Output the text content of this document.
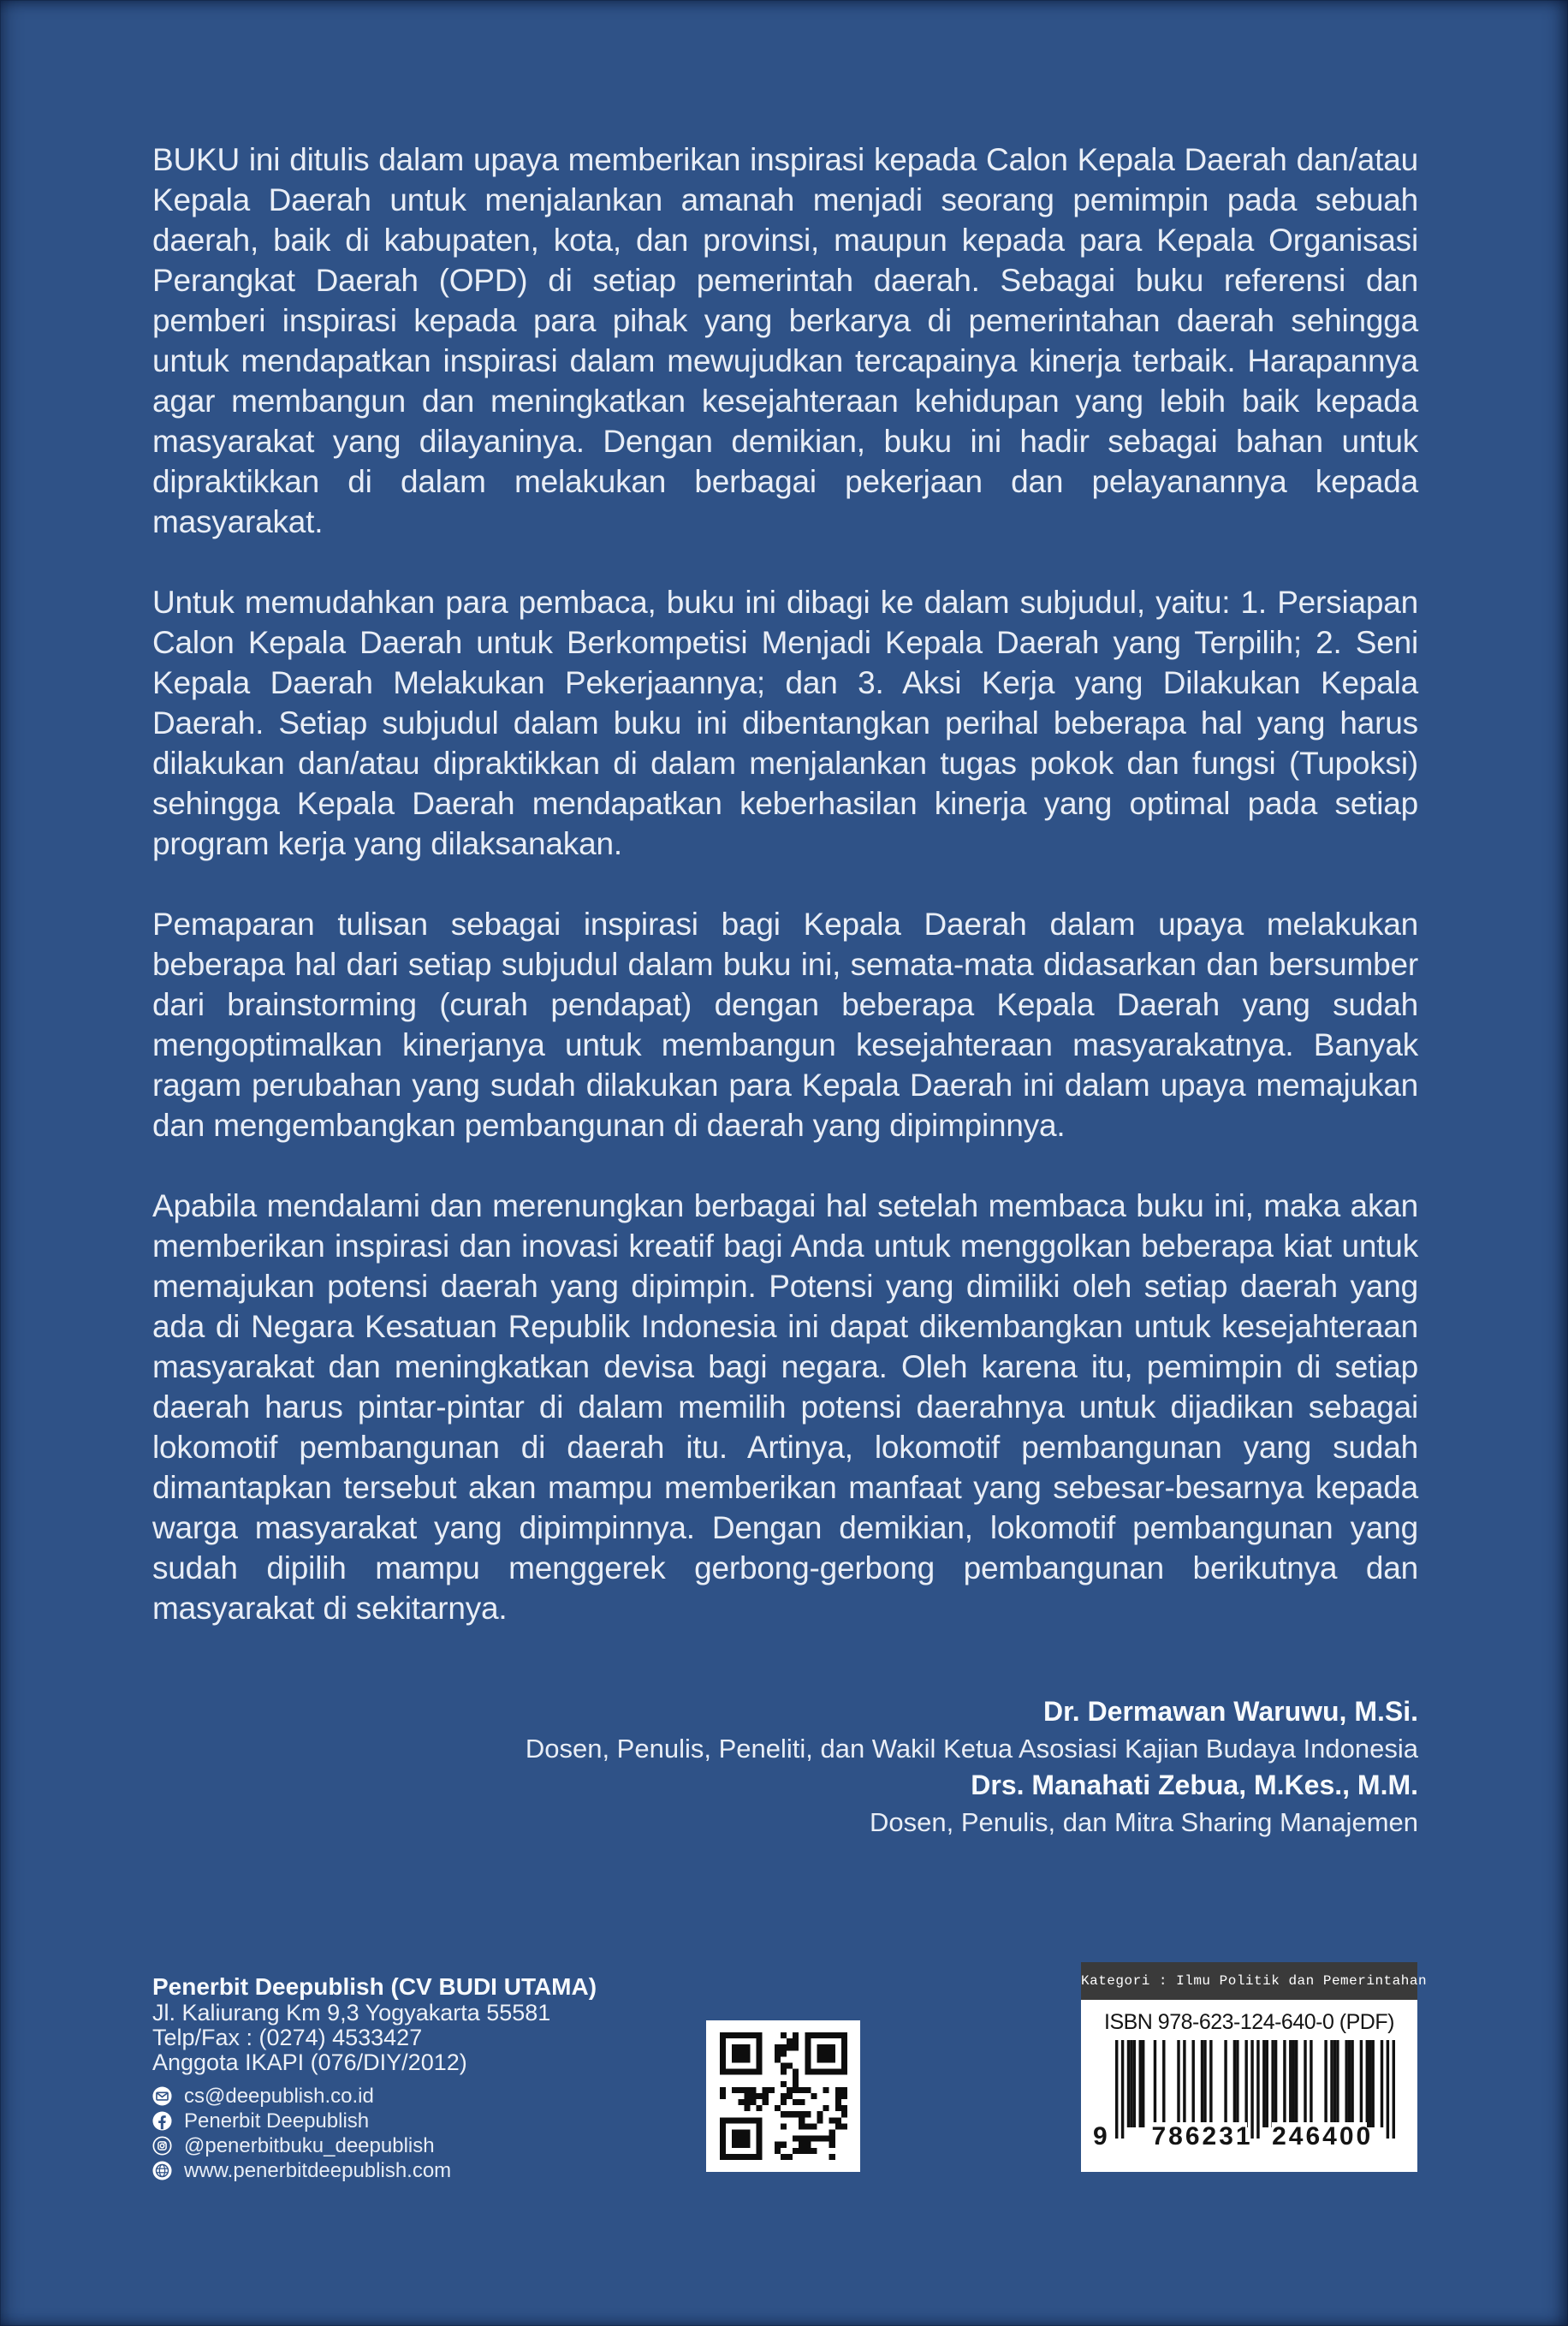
BUKU ini ditulis dalam upaya memberikan inspirasi kepada Calon Kepala Daerah dan/atau Kepala Daerah untuk menjalankan amanah menjadi seorang pemimpin pada sebuah daerah, baik di kabupaten, kota, dan provinsi, maupun kepada para Kepala Organisasi Perangkat Daerah (OPD) di setiap pemerintah daerah. Sebagai buku referensi dan pemberi inspirasi kepada para pihak yang berkarya di pemerintahan daerah sehingga untuk mendapatkan inspirasi dalam mewujudkan tercapainya kinerja terbaik. Harapannya agar membangun dan meningkatkan kesejahteraan kehidupan yang lebih baik kepada masyarakat yang dilayaninya. Dengan demikian, buku ini hadir sebagai bahan untuk dipraktikkan di dalam melakukan berbagai pekerjaan dan pelayanannya kepada masyarakat.

Untuk memudahkan para pembaca, buku ini dibagi ke dalam subjudul, yaitu: 1. Persiapan Calon Kepala Daerah untuk Berkompetisi Menjadi Kepala Daerah yang Terpilih; 2. Seni Kepala Daerah Melakukan Pekerjaannya; dan 3. Aksi Kerja yang Dilakukan Kepala Daerah. Setiap subjudul dalam buku ini dibentangkan perihal beberapa hal yang harus dilakukan dan/atau dipraktikkan di dalam menjalankan tugas pokok dan fungsi (Tupoksi) sehingga Kepala Daerah mendapatkan keberhasilan kinerja yang optimal pada setiap program kerja yang dilaksanakan.

Pemaparan tulisan sebagai inspirasi bagi Kepala Daerah dalam upaya melakukan beberapa hal dari setiap subjudul dalam buku ini, semata-mata didasarkan dan bersumber dari brainstorming (curah pendapat) dengan beberapa Kepala Daerah yang sudah mengoptimalkan kinerjanya untuk membangun kesejahteraan masyarakatnya. Banyak ragam perubahan yang sudah dilakukan para Kepala Daerah ini dalam upaya memajukan dan mengembangkan pembangunan di daerah yang dipimpinnya.

Apabila mendalami dan merenungkan berbagai hal setelah membaca buku ini, maka akan memberikan inspirasi dan inovasi kreatif bagi Anda untuk menggolkan beberapa kiat untuk memajukan potensi daerah yang dipimpin. Potensi yang dimiliki oleh setiap daerah yang ada di Negara Kesatuan Republik Indonesia ini dapat dikembangkan untuk kesejahteraan masyarakat dan meningkatkan devisa bagi negara. Oleh karena itu, pemimpin di setiap daerah harus pintar-pintar di dalam memilih potensi daerahnya untuk dijadikan sebagai lokomotif pembangunan di daerah itu. Artinya, lokomotif pembangunan yang sudah dimantapkan tersebut akan mampu memberikan manfaat yang sebesar-besarnya kepada warga masyarakat yang dipimpinnya. Dengan demikian, lokomotif pembangunan yang sudah dipilih mampu menggerek gerbong-gerbong pembangunan berikutnya dan masyarakat di sekitarnya.

Dr. Dermawan Waruwu, M.Si.
Dosen, Penulis, Peneliti, dan Wakil Ketua Asosiasi Kajian Budaya Indonesia
Drs. Manahati Zebua, M.Kes., M.M.
Dosen, Penulis, dan Mitra Sharing Manajemen
Penerbit Deepublish (CV BUDI UTAMA)
Jl. Kaliurang Km 9,3 Yogyakarta 55581
Telp/Fax : (0274) 4533427
Anggota IKAPI (076/DIY/2012)
cs@deepublish.co.id
Penerbit Deepublish
@penerbitbuku_deepublish
www.penerbitdeepublish.com
Kategori : Ilmu Politik dan Pemerintahan
ISBN 978-623-124-640-0 (PDF)
9 786231 246400
